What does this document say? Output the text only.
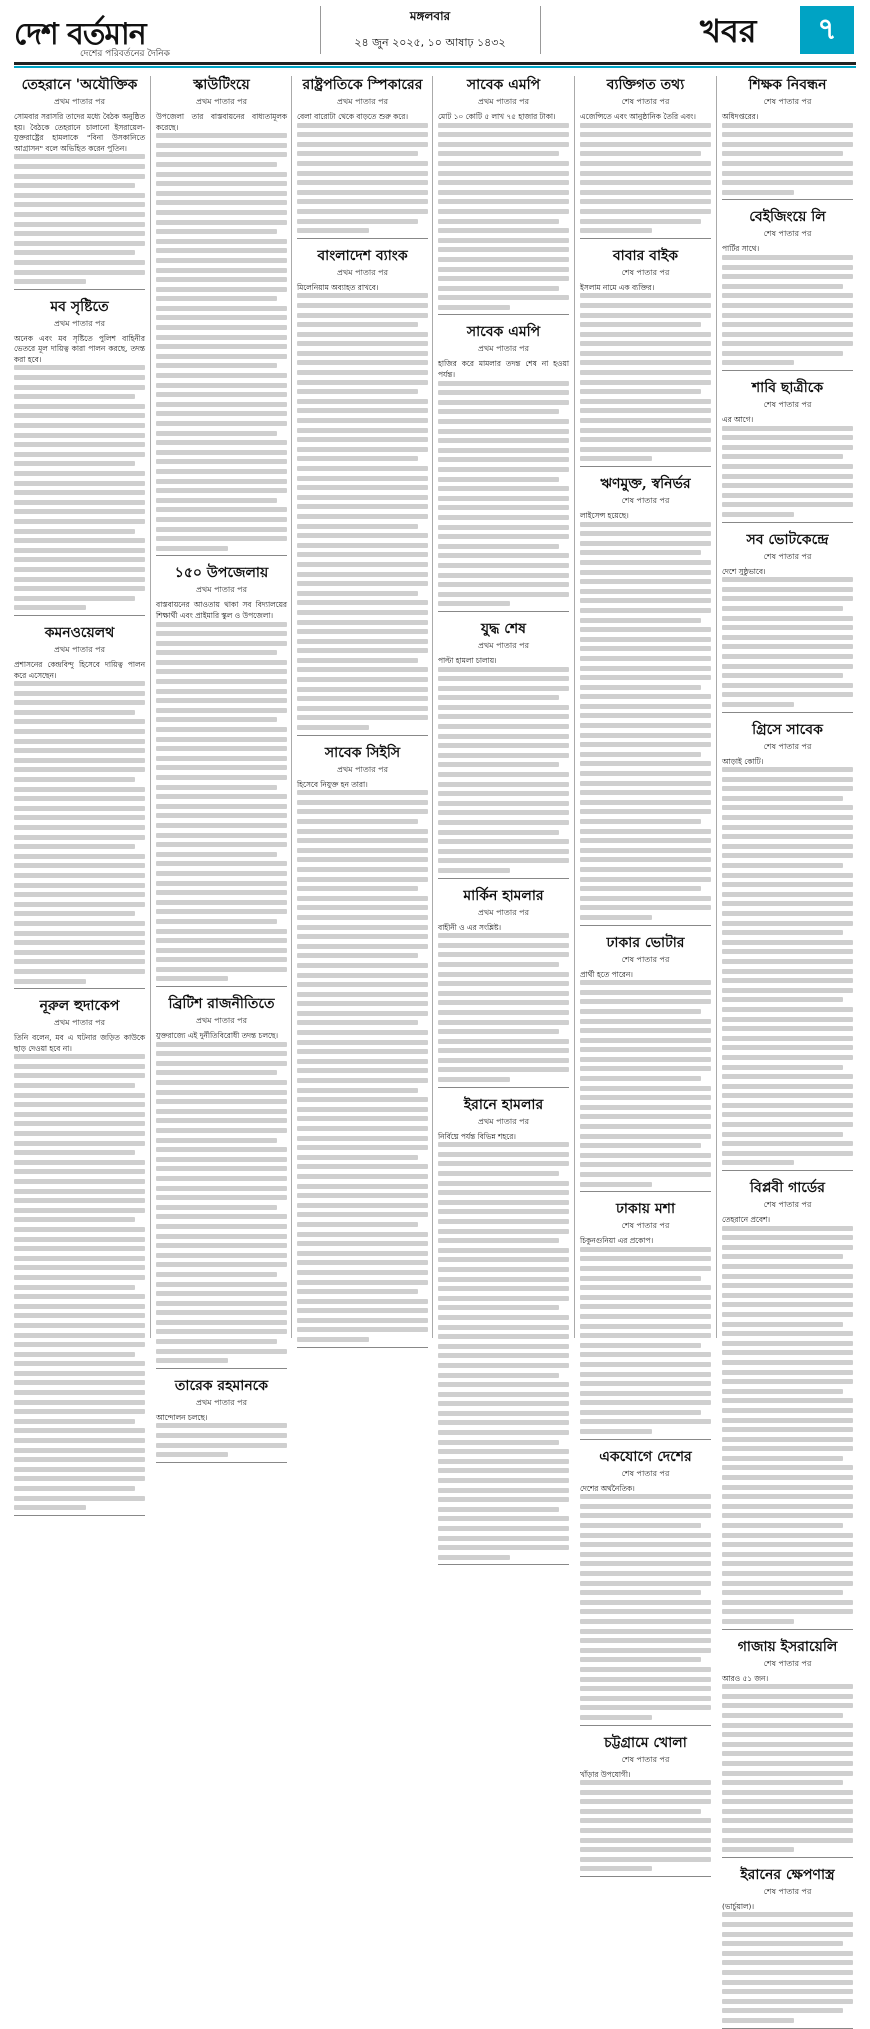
দেশ বর্তমান
দেশের পরিবর্তনের দৈনিক
মঙ্গলবার
২৪ জুন ২০২৫, ১০ আষাঢ় ১৪৩২	খবর	৭
তেহরানে 'অযৌক্তিক
প্রথম পাতার পর
সোমবার সরাসরি তাদের মধ্যে বৈঠক অনুষ্ঠিত হয়। বৈঠকে তেহরানে চালানো ইসরায়েল-যুক্তরাষ্ট্রের হামলাকে "বিনা উসকানিতে আগ্রাসন" বলে অভিহিত করেন পুতিন।
মব সৃষ্টিতে
প্রথম পাতার পর
অনেক এবং মব সৃষ্টিতে পুলিশ বাহিনীর ভেতরে মূল দায়িত্ব কারা পালন করছে, তদন্ত করা হবে।
কমনওয়েলথ
প্রথম পাতার পর
প্রশাসনের কেন্দ্রবিন্দু হিসেবে দায়িত্ব পালন করে এসেছেন।
নূরুল হুদাকেপ
প্রথম পাতার পর
তিনি বলেন, মব এ ঘটনার জড়িত কাউকে ছাড় দেওয়া হবে না।
স্কাউটিংয়ে
প্রথম পাতার পর
উপজেলা তার বাস্তবায়নের বাধ্যতামূলক করেছে।
১৫০ উপজেলায়
প্রথম পাতার পর
বাস্তবায়নের আওতায় থাকা সব বিদ্যালয়ের শিক্ষার্থী এবং প্রাইমারি স্কুল ও উপজেলা।
ব্রিটিশ রাজনীতিতে
প্রথম পাতার পর
যুক্তরাজ্যে এই দুর্নীতিবিরোধী তদন্ত চলছে।
তারেক রহমানকে
প্রথম পাতার পর
আন্দোলন চলছে।
রাষ্ট্রপতিকে স্পিকারের
প্রথম পাতার পর
বেলা বারোটা থেকে বাড়তে শুরু করে।
বাংলাদেশ ব্যাংক
প্রথম পাতার পর
মিলেনিয়াম অব্যাহত রাখবে।
সাবেক সিইসি
প্রথম পাতার পর
হিসেবে নিযুক্ত হন তারা।
সাবেক এমপি
প্রথম পাতার পর
মোট ১০ কোটি ৫ লাখ ৭৫ হাজার টাকা।
সাবেক এমপি
প্রথম পাতার পর
হাজির করে মামলার তদন্ত শেষ না হওয়া পর্যন্ত।
যুদ্ধ শেষ
প্রথম পাতার পর
পাল্টা হামলা চালায়।
মার্কিন হামলার
প্রথম পাতার পর
বাহীনী ও এর সংশ্লিষ্ট।
ইরানে হামলার
প্রথম পাতার পর
নির্বিঘ্নে পর্যন্ত বিভিন্ন শহরে।
ব্যক্তিগত তথ্য
শেষ পাতার পর
এজেন্সিতে এবং আনুষ্ঠানিক তৈরি এবং।
বাবার বাইক
শেষ পাতার পর
ইসলাম নামে এক ব্যক্তির।
ঋণমুক্ত, স্বনির্ভর
শেষ পাতার পর
লাইসেন্স হয়েছে।
ঢাকার ভোটার
শেষ পাতার পর
প্রার্থী হতে পারেন।
ঢাকায় মশা
শেষ পাতার পর
চিকুনগুনিয়া এর প্রকোপ।
একযোগে দেশের
শেষ পাতার পর
দেশের অর্থনৈতিক।
চট্টগ্রামে খোলা
শেষ পাতার পর
খাঁড়ার উপযোগী।
শিক্ষক নিবন্ধন
শেষ পাতার পর
অধিদপ্তরের।
বেইজিংয়ে লি
শেষ পাতার পর
পার্টির সাথে।
শাবি ছাত্রীকে
শেষ পাতার পর
এর আগে।
সব ভোটকেন্দ্রে
শেষ পাতার পর
দেশে সুষ্ঠুভাবে।
গ্রিসে সাবেক
শেষ পাতার পর
আড়াই কোটি।
বিপ্লবী গার্ডের
শেষ পাতার পর
তেহরানে প্রবেশ।
গাজায় ইসরায়েলি
শেষ পাতার পর
আরও ৫১ জন।
ইরানের ক্ষেপণাস্ত্র
শেষ পাতার পর
(ভার্চুয়াল)।
